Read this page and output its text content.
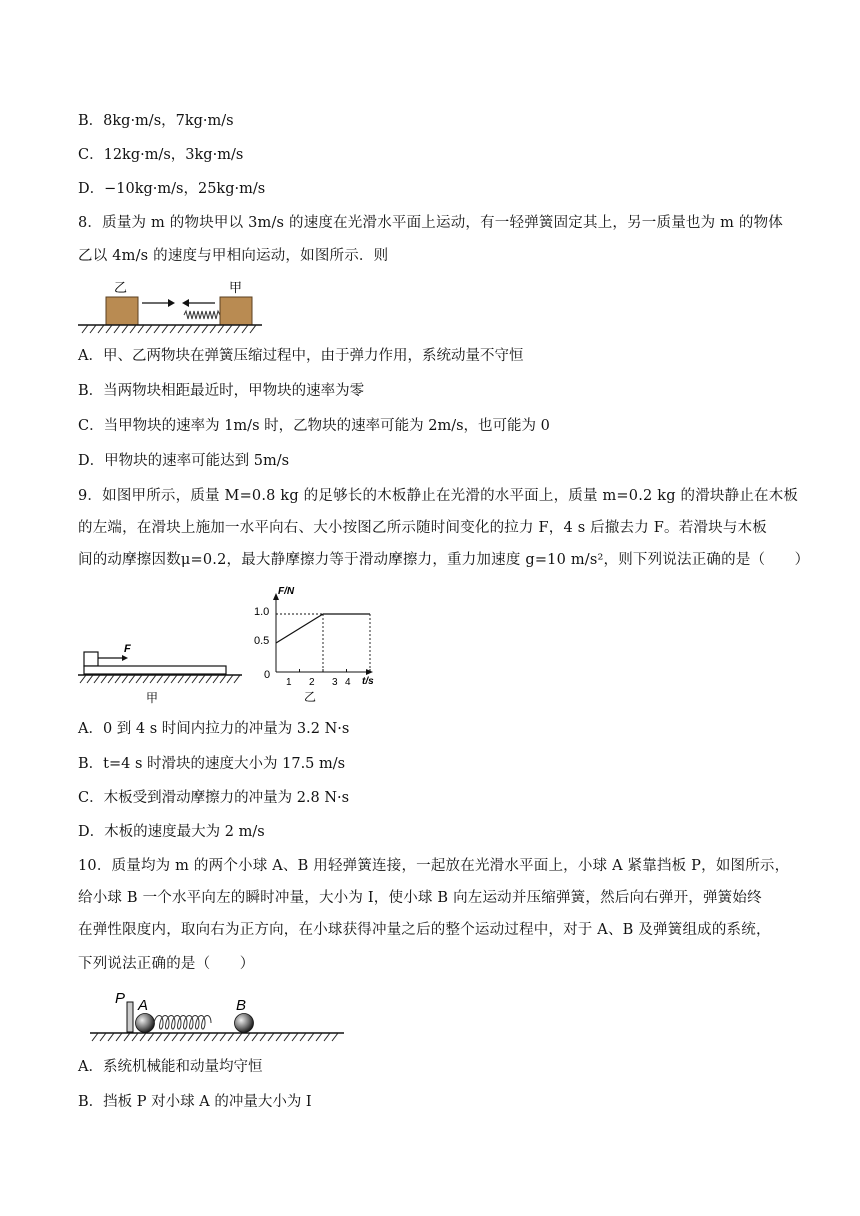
B．8kg·m/s，7kg·m/s
C．12kg·m/s，3kg·m/s
D．−10kg·m/s，25kg·m/s
8．质量为 m 的物块甲以 3m/s 的速度在光滑水平面上运动，有一轻弹簧固定其上，另一质量也为 m 的物体
乙以 4m/s 的速度与甲相向运动，如图所示．则
乙	甲
A．甲、乙两物块在弹簧压缩过程中，由于弹力作用，系统动量不守恒
B．当两物块相距最近时，甲物块的速率为零
C．当甲物块的速率为 1m/s 时，乙物块的速率可能为 2m/s，也可能为 0
D．甲物块的速率可能达到 5m/s
9．如图甲所示，质量 M=0.8 kg 的足够长的木板静止在光滑的水平面上，质量 m=0.2 kg 的滑块静止在木板
的左端，在滑块上施加一水平向右、大小按图乙所示随时间变化的拉力 F，4 s 后撤去力 F。若滑块与木板
间的动摩擦因数μ=0.2，最大静摩擦力等于滑动摩擦力，重力加速度 g=10 m/s²，则下列说法正确的是（　　）
F
甲
F/N
t/s
0
1.0
0.5
1 2 3 4
乙
A．0 到 4 s 时间内拉力的冲量为 3.2 N·s
B．t=4 s 时滑块的速度大小为 17.5 m/s
C．木板受到滑动摩擦力的冲量为 2.8 N·s
D．木板的速度最大为 2 m/s
10．质量均为 m 的两个小球 A、B 用轻弹簧连接，一起放在光滑水平面上，小球 A 紧靠挡板 P，如图所示，
给小球 B 一个水平向左的瞬时冲量，大小为 I，使小球 B 向左运动并压缩弹簧，然后向右弹开，弹簧始终
在弹性限度内，取向右为正方向，在小球获得冲量之后的整个运动过程中，对于 A、B 及弹簧组成的系统，
下列说法正确的是（　　）
P A	B
A．系统机械能和动量均守恒
B．挡板 P 对小球 A 的冲量大小为 I
